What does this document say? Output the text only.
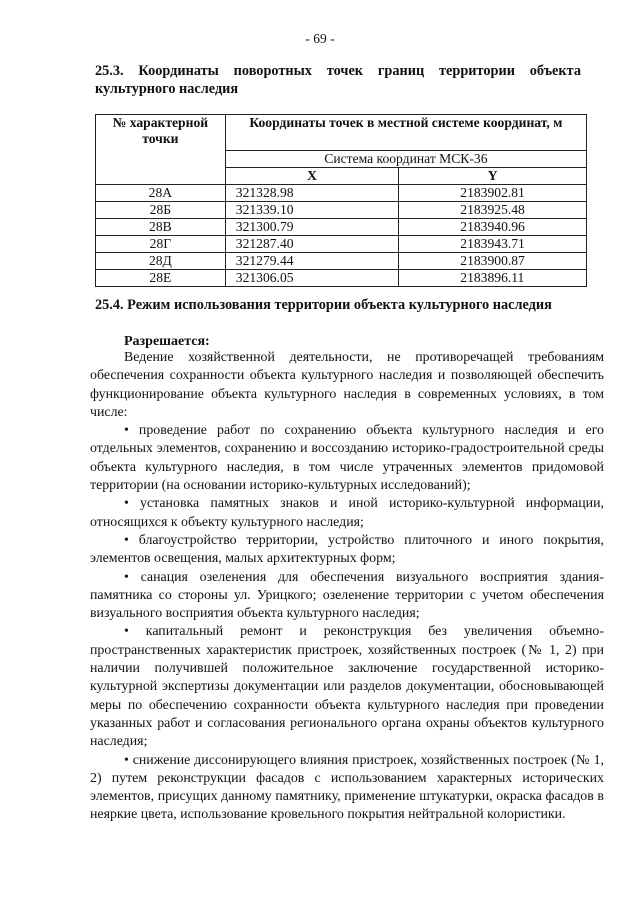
- 69 -
25.3. Координаты поворотных точек границ территории объекта культурного наследия
№ характерной точки	Координаты точек в местной системе координат, м	
	Система координат МСК-36	
	X	Y
28А	321328.98	2183902.81
28Б	321339.10	2183925.48
28В	321300.79	2183940.96
28Г	321287.40	2183943.71
28Д	321279.44	2183900.87
28Е	321306.05	2183896.11
25.4. Режим использования территории объекта культурного наследия
Разрешается:

Ведение хозяйственной деятельности, не противоречащей требованиям обеспечения сохранности объекта культурного наследия и позволяющей обеспечить функционирование объекта культурного наследия в современных условиях, в том числе:

• проведение работ по сохранению объекта культурного наследия и его отдельных элементов, сохранению и воссозданию историко-градостроительной среды объекта культурного наследия, в том числе утраченных элементов придомовой территории (на основании историко-культурных исследований);

• установка памятных знаков и иной историко-культурной информации, относящихся к объекту культурного наследия;

• благоустройство территории, устройство плиточного и иного покрытия, элементов освещения, малых архитектурных форм;

• санация озеленения для обеспечения визуального восприятия здания-памятника со стороны ул. Урицкого; озеленение территории с учетом обеспечения визуального восприятия объекта культурного наследия;

• капитальный ремонт и реконструкция без увеличения объемно-пространственных характеристик пристроек, хозяйственных построек (№ 1, 2) при наличии получившей положительное заключение государственной историко-культурной экспертизы документации или разделов документации, обосновывающей меры по обеспечению сохранности объекта культурного наследия при проведении указанных работ и согласования регионального органа охраны объектов культурного наследия;

• снижение диссонирующего влияния пристроек, хозяйственных построек (№ 1, 2) путем реконструкции фасадов с использованием характерных исторических элементов, присущих данному памятнику, применение штукатурки, окраска фасадов в неяркие цвета, использование кровельного покрытия нейтральной колористики.
